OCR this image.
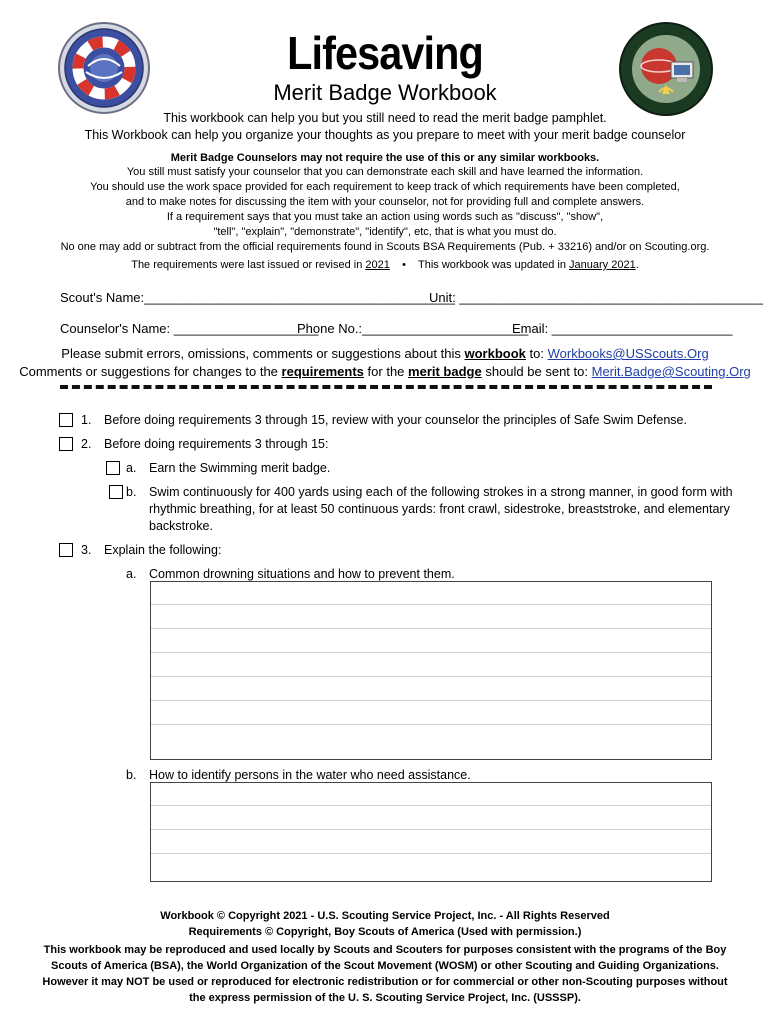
Lifesaving
Merit Badge Workbook
This workbook can help you but you still need to read the merit badge pamphlet.
This Workbook can help you organize your thoughts as you prepare to meet with your merit badge counselor
Merit Badge Counselors may not require the use of this or any similar workbooks.
You still must satisfy your counselor that you can demonstrate each skill and have learned the information.
You should use the work space provided for each requirement to keep track of which requirements have been completed,
and to make notes for discussing the item with your counselor, not for providing full and complete answers.
If a requirement says that you must take an action using words such as "discuss", "show",
"tell", "explain", "demonstrate", "identify", etc, that is what you must do.
No one may add or subtract from the official requirements found in Scouts BSA Requirements (Pub. + 33216) and/or on Scouting.org.
The requirements were last issued or revised in 2021 • This workbook was updated in January 2021.
Scout's Name:___________________________________________
Unit: __________________________________________
Counselor's Name: ____________________
Phone No.:_______________________
Email: _________________________
Please submit errors, omissions, comments or suggestions about this workbook to: Workbooks@USScouts.Org
Comments or suggestions for changes to the requirements for the merit badge should be sent to: Merit.Badge@Scouting.Org
1. Before doing requirements 3 through 15, review with your counselor the principles of Safe Swim Defense.
2. Before doing requirements 3 through 15:
a. Earn the Swimming merit badge.
b. Swim continuously for 400 yards using each of the following strokes in a strong manner, in good form with
rhythmic breathing, for at least 50 continuous yards: front crawl, sidestroke, breaststroke, and elementary
backstroke.
3. Explain the following:
a. Common drowning situations and how to prevent them.
b. How to identify persons in the water who need assistance.
Workbook © Copyright 2021 - U.S. Scouting Service Project, Inc. - All Rights Reserved
Requirements © Copyright, Boy Scouts of America (Used with permission.)
This workbook may be reproduced and used locally by Scouts and Scouters for purposes consistent with the programs of the Boy
Scouts of America (BSA), the World Organization of the Scout Movement (WOSM) or other Scouting and Guiding Organizations.
However it may NOT be used or reproduced for electronic redistribution or for commercial or other non-Scouting purposes without
the express permission of the U. S. Scouting Service Project, Inc. (USSSP).
